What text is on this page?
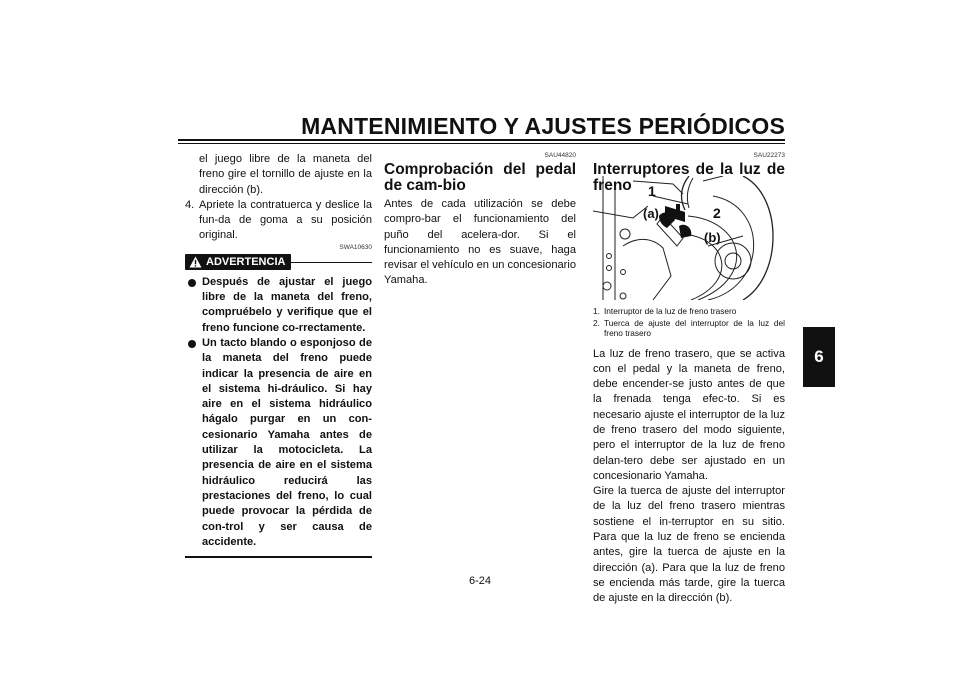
MANTENIMIENTO Y AJUSTES PERIÓDICOS
6

el juego libre de la maneta del freno gire el tornillo de ajuste en la dirección (b).

4. Apriete la contratuerca y deslice la fun-da de goma a su posición original.
SWA10630
ADVERTENCIA
Después de ajustar el juego libre de la maneta del freno, compruébelo y verifique que el freno funcione co-rrectamente.
Un tacto blando o esponjoso de la maneta del freno puede indicar la presencia de aire en el sistema hi-dráulico. Si hay aire en el sistema hidráulico hágalo purgar en un con-cesionario Yamaha antes de utilizar la motocicleta. La presencia de aire en el sistema hidráulico reducirá las prestaciones del freno, lo cual puede provocar la pérdida de con-trol y ser causa de accidente.
SAU44820
Comprobación del pedal de cam-bio

Antes de cada utilización se debe compro-bar el funcionamiento del puño del acelera-dor. Si el funcionamiento no es suave, haga revisar el vehículo en un concesionario Yamaha.

SAU22273
Interruptores de la luz de freno	1
(a)	2
(b)
1. Interruptor de la luz de freno trasero
2. Tuerca de ajuste del interruptor de la luz del freno trasero

La luz de freno trasero, que se activa con el pedal y la maneta de freno, debe encender-se justo antes de que la frenada tenga efec-to. Si es necesario ajuste el interruptor de la luz de freno trasero del modo siguiente, pero el interruptor de la luz de freno delan-tero debe ser ajustado en un concesionario Yamaha.

Gire la tuerca de ajuste del interruptor de la luz del freno trasero mientras sostiene el in-terruptor en su sitio. Para que la luz de freno se encienda antes, gire la tuerca de ajuste en la dirección (a). Para que la luz de freno se encienda más tarde, gire la tuerca de ajuste en la dirección (b).

6-24
